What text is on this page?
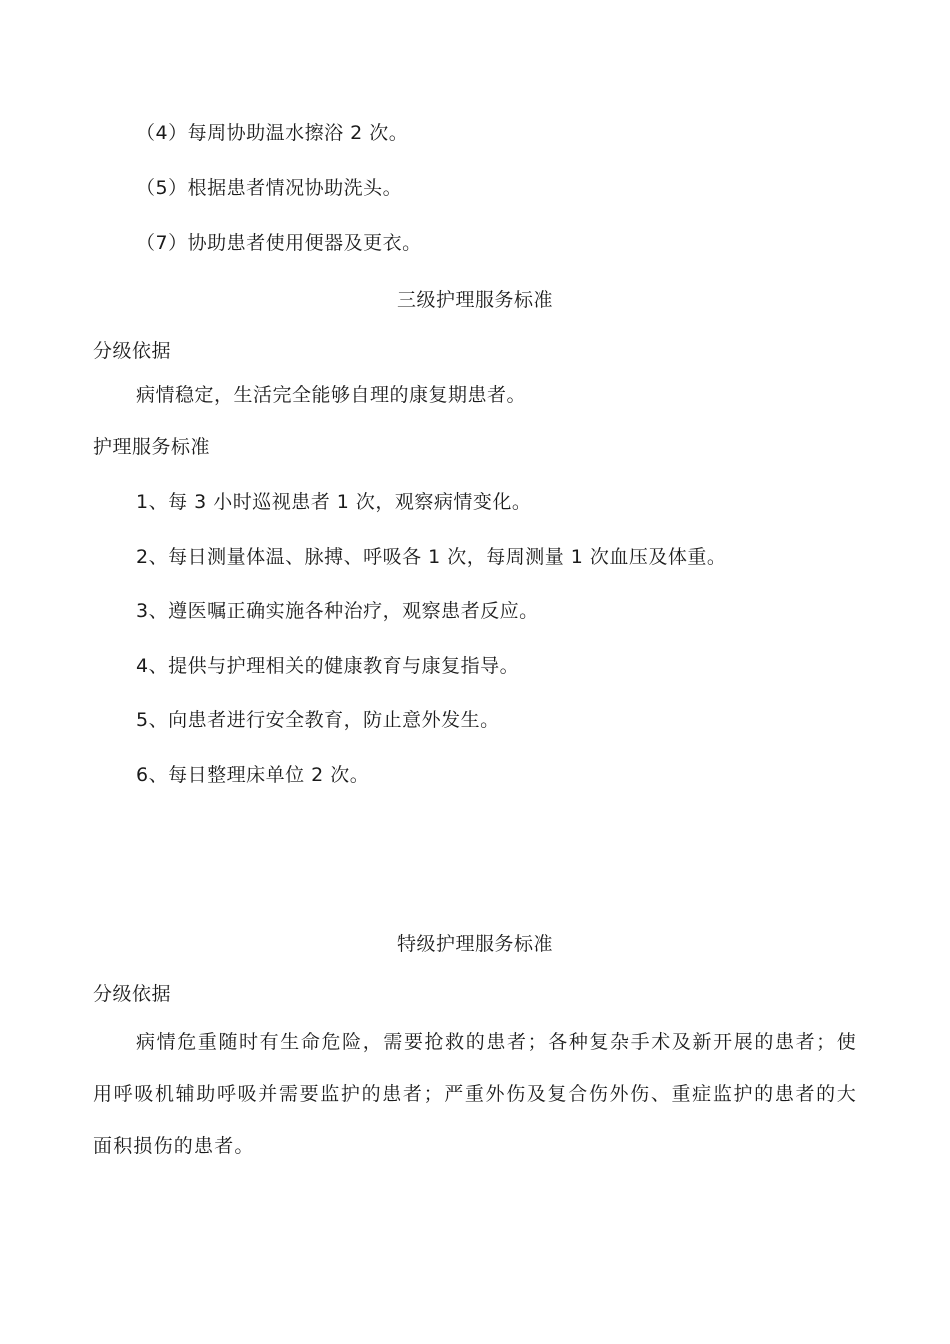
（4）每周协助温水擦浴 2 次。
（5）根据患者情况协助洗头。
（7）协助患者使用便器及更衣。
三级护理服务标准
分级依据
病情稳定，生活完全能够自理的康复期患者。
护理服务标准
1、每 3 小时巡视患者 1 次，观察病情变化。
2、每日测量体温、脉搏、呼吸各 1 次，每周测量 1 次血压及体重。
3、遵医嘱正确实施各种治疗，观察患者反应。
4、提供与护理相关的健康教育与康复指导。
5、向患者进行安全教育，防止意外发生。
6、每日整理床单位 2 次。
特级护理服务标准
分级依据
病情危重随时有生命危险，需要抢救的患者；各种复杂手术及新开展的患者；使用呼吸机辅助呼吸并需要监护的患者；严重外伤及复合伤外伤、重症监护的患者的大面积损伤的患者。
